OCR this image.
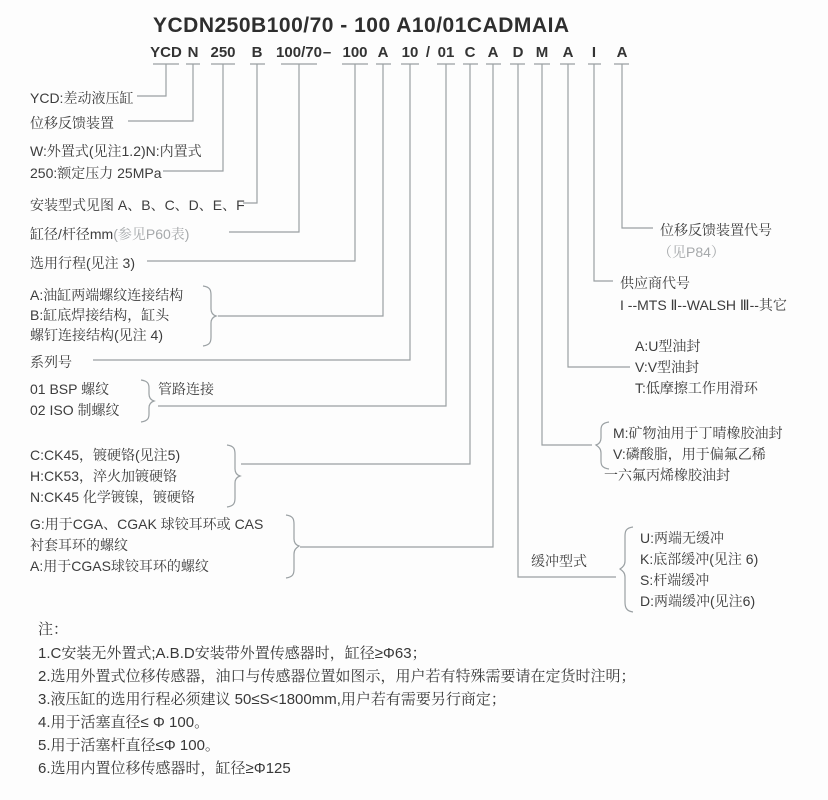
YCDN250B100/70 - 100 A10/01CADMAIA
YCD N 250 B 100/70 – 100 A 10 / 01 C A D M A I A
YCD:差动液压缸
位移反馈装置
W:外置式(见注1.2)N:内置式
250:额定压力 25MPa
安装型式见图 A、B、C、D、E、F
缸径/杆径mm(参见P60表)
选用行程(见注 3)
A:油缸两端螺纹连接结构
B:缸底焊接结构，缸头
螺钉连接结构(见注 4)
系列号
01 BSP 螺纹
02 ISO 制螺纹
管路连接
C:CK45，镀硬铬(见注5)
H:CK53，淬火加镀硬铬
N:CK45 化学镀镍，镀硬铬
G:用于CGA、CGAK 球铰耳环或 CAS
衬套耳环的螺纹
A:用于CGAS球铰耳环的螺纹
位移反馈装置代号
（见P84）
供应商代号
I --MTS Ⅱ--WALSH Ⅲ--其它
A:U型油封
V:V型油封
T:低摩擦工作用滑环
M:矿物油用于丁晴橡胶油封
V:磷酸脂，用于偏氟乙稀
一六氟丙烯橡胶油封
缓冲型式
U:两端无缓冲
K:底部缓冲(见注 6)
S:杆端缓冲
D:两端缓冲(见注6)
注：
1.C安装无外置式;A.B.D安装带外置传感器时，缸径≥Φ63；
2.选用外置式位移传感器，油口与传感器位置如图示，用户若有特殊需要请在定货时注明；
3.液压缸的选用行程必须建议 50≤S<1800mm,用户若有需要另行商定；
4.用于活塞直径≤ Φ 100。
5.用于活塞杆直径≤Φ 100。
6.选用内置位移传感器时，缸径≥Φ125
